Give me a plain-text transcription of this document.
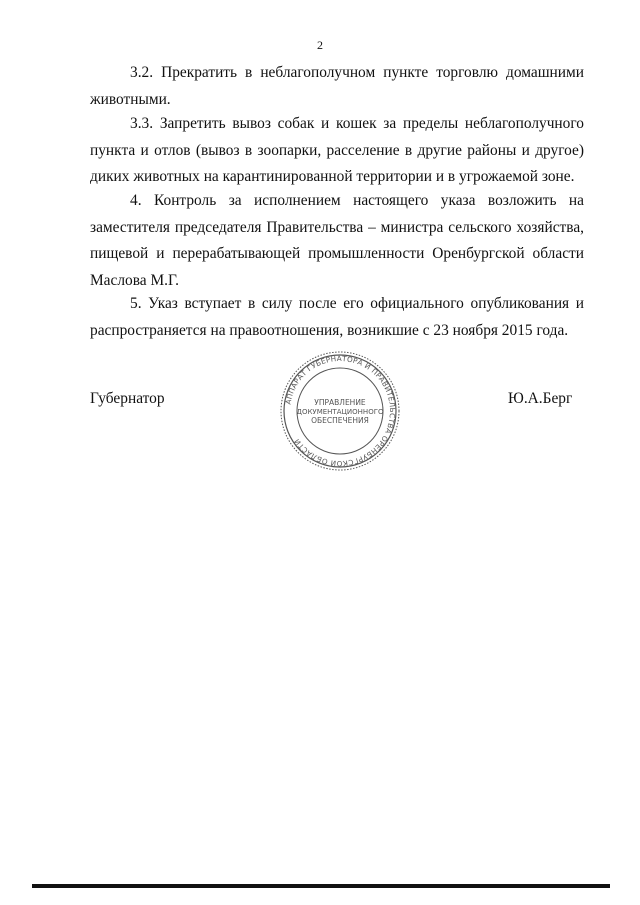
2
3.2. Прекратить в неблагополучном пункте торговлю домашними
животными.
3.3. Запретить вывоз собак и кошек за пределы неблагополучного
пункта и отлов (вывоз в зоопарки, расселение в другие районы и другое)
диких животных на карантинированной территории и в угрожаемой зоне.
4. Контроль за исполнением настоящего указа возложить на
заместителя председателя Правительства – министра сельского хозяйства,
пищевой и перерабатывающей промышленности Оренбургской области
Маслова М.Г.
5. Указ вступает в силу после его официального опубликования и
распространяется на правоотношения, возникшие с 23 ноября 2015 года.
Губернатор	Ю.А.Берг
АППАРАТ ГУБЕРНАТОРА И ПРАВИТЕЛЬСТВА ОРЕНБУРГСКОЙ ОБЛАСТИ
УПРАВЛЕНИЕ
ДОКУМЕНТАЦИОННОГО
ОБЕСПЕЧЕНИЯ
